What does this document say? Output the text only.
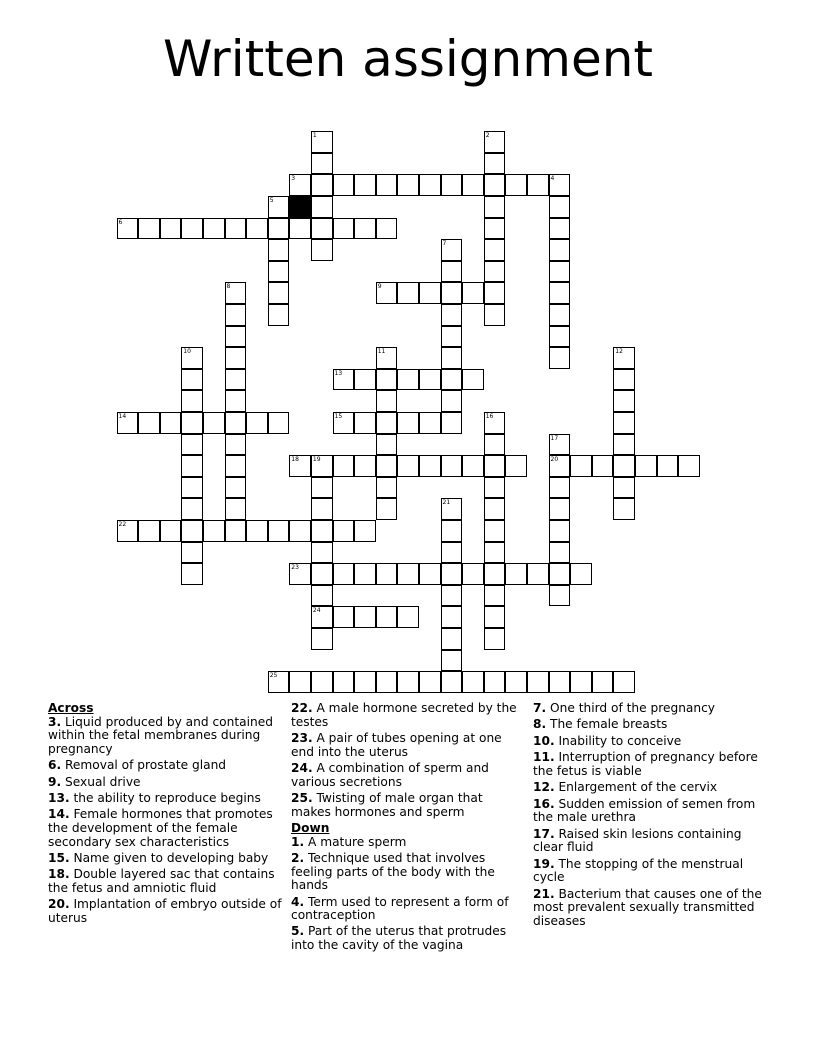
Written assignment
1	2
3	4
5
6
7
8	9
10	11	12
13
14	15	16
17
20
18 19
24
21
22
23
25

Across

3. Liquid produced by and contained within the fetal membranes during pregnancy

6. Removal of prostate gland

9. Sexual drive

13. the ability to reproduce begins

14. Female hormones that promotes the development of the female secondary sex characteristics

15. Name given to developing baby

18. Double layered sac that contains the fetus and amniotic fluid

20. Implantation of embryo outside of uterus

22. A male hormone secreted by the testes

23. A pair of tubes opening at one end into the uterus

24. A combination of sperm and various secretions

25. Twisting of male organ that makes hormones and sperm

Down

1. A mature sperm

2. Technique used that involves feeling parts of the body with the hands

4. Term used to represent a form of contraception

5. Part of the uterus that protrudes into the cavity of the vagina

7. One third of the pregnancy

8. The female breasts

10. Inability to conceive

11. Interruption of pregnancy before the fetus is viable

12. Enlargement of the cervix

16. Sudden emission of semen from the male urethra

17. Raised skin lesions containing clear fluid

19. The stopping of the menstrual cycle

21. Bacterium that causes one of the most prevalent sexually transmitted diseases
